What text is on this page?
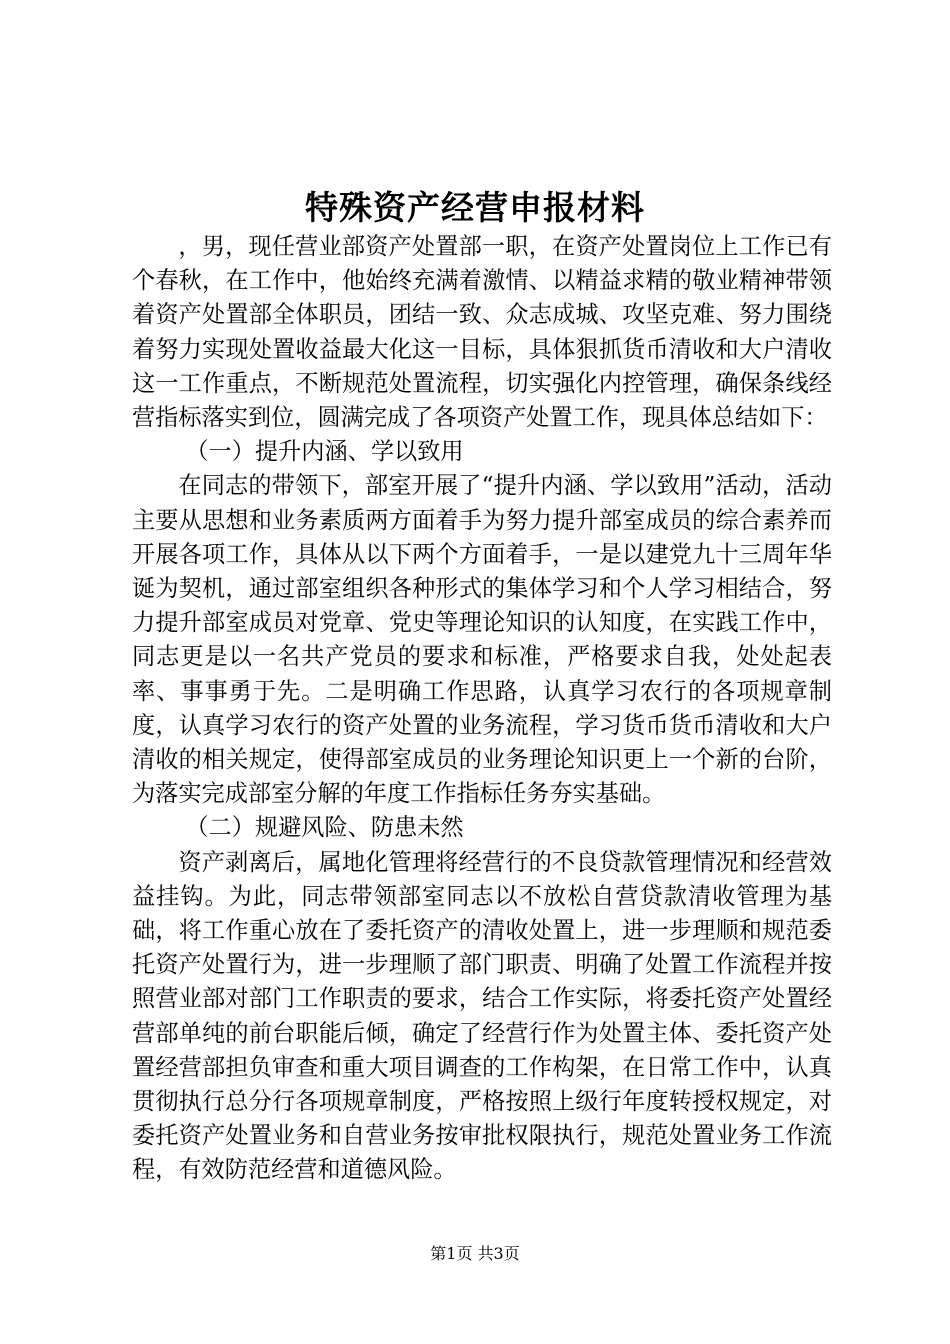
特殊资产经营申报材料

，男，现任营业部资产处置部一职，在资产处置岗位上工作已有个春秋，在工作中，他始终充满着激情、以精益求精的敬业精神带领着资产处置部全体职员，团结一致、众志成城、攻坚克难、努力围绕着努力实现处置收益最大化这一目标，具体狠抓货币清收和大户清收这一工作重点，不断规范处置流程，切实强化内控管理，确保条线经营指标落实到位，圆满完成了各项资产处置工作，现具体总结如下：

（一）提升内涵、学以致用

在同志的带领下，部室开展了“提升内涵、学以致用”活动，活动主要从思想和业务素质两方面着手为努力提升部室成员的综合素养而开展各项工作，具体从以下两个方面着手，一是以建党九十三周年华诞为契机，通过部室组织各种形式的集体学习和个人学习相结合，努力提升部室成员对党章、党史等理论知识的认知度，在实践工作中，同志更是以一名共产党员的要求和标准，严格要求自我，处处起表率、事事勇于先。二是明确工作思路，认真学习农行的各项规章制度，认真学习农行的资产处置的业务流程，学习货币货币清收和大户清收的相关规定，使得部室成员的业务理论知识更上一个新的台阶，为落实完成部室分解的年度工作指标任务夯实基础。

（二）规避风险、防患未然

资产剥离后，属地化管理将经营行的不良贷款管理情况和经营效益挂钩。为此，同志带领部室同志以不放松自营贷款清收管理为基础，将工作重心放在了委托资产的清收处置上，进一步理顺和规范委托资产处置行为，进一步理顺了部门职责、明确了处置工作流程并按照营业部对部门工作职责的要求，结合工作实际，将委托资产处置经营部单纯的前台职能后倾，确定了经营行作为处置主体、委托资产处置经营部担负审查和重大项目调查的工作构架，在日常工作中，认真贯彻执行总分行各项规章制度，严格按照上级行年度转授权规定，对委托资产处置业务和自营业务按审批权限执行，规范处置业务工作流程，有效防范经营和道德风险。

第1页 共3页
